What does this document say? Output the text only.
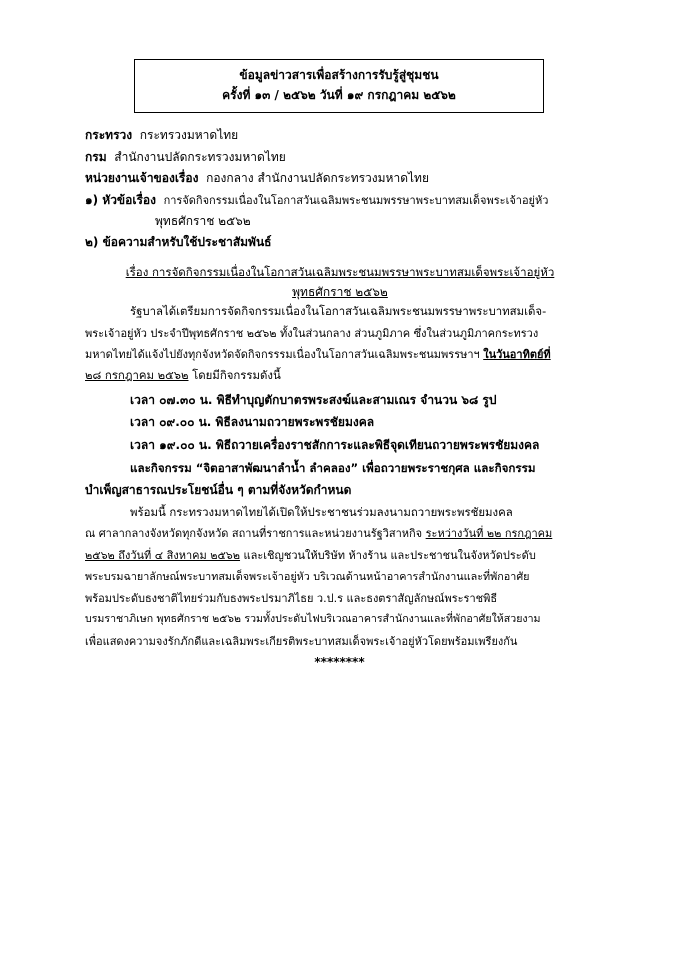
ข้อมูลข่าวสารเพื่อสร้างการรับรู้สู่ชุมชน
ครั้งที่ ๑๓ / ๒๕๖๒ วันที่ ๑๙ กรกฎาคม ๒๕๖๒
กระทรวง กระทรวงมหาดไทย
กรม สำนักงานปลัดกระทรวงมหาดไทย
หน่วยงานเจ้าของเรื่อง กองกลาง สำนักงานปลัดกระทรวงมหาดไทย
๑) หัวข้อเรื่อง การจัดกิจกรรมเนื่องในโอกาสวันเฉลิมพระชนมพรรษาพระบาทสมเด็จพระเจ้าอยู่หัว
พุทธศักราช ๒๕๖๒
๒) ข้อความสำหรับใช้ประชาสัมพันธ์
เรื่อง การจัดกิจกรรมเนื่องในโอกาสวันเฉลิมพระชนมพรรษาพระบาทสมเด็จพระเจ้าอยู่หัว
พุทธศักราช ๒๕๖๒
รัฐบาลได้เตรียมการจัดกิจกรรมเนื่องในโอกาสวันเฉลิมพระชนมพรรษาพระบาทสมเด็จ-
พระเจ้าอยู่หัว ประจำปีพุทธศักราช ๒๕๖๒ ทั้งในส่วนกลาง ส่วนภูมิภาค ซึ่งในส่วนภูมิภาคกระทรวง
มหาดไทยได้แจ้งไปยังทุกจังหวัดจัดกิจกรรรมเนื่องในโอกาสวันเฉลิมพระชนมพรรษาฯ ในวันอาทิตย์ที่
๒๘ กรกฎาคม ๒๕๖๒ โดยมีกิจกรรมดังนี้
เวลา ๐๗.๓๐ น. พิธีทำบุญตักบาตรพระสงฆ์และสามเณร จำนวน ๖๘ รูป
เวลา ๐๙.๐๐ น. พิธีลงนามถวายพระพรชัยมงคล
เวลา ๑๙.๐๐ น. พิธีถวายเครื่องราชสักการะและพิธีจุดเทียนถวายพระพรชัยมงคล
และกิจกรรม “จิตอาสาพัฒนาลำน้ำ ลำคลอง” เพื่อถวายพระราชกุศล และกิจกรรม
บำเพ็ญสาธารณประโยชน์อื่น ๆ ตามที่จังหวัดกำหนด
พร้อมนี้ กระทรวงมหาดไทยได้เปิดให้ประชาชนร่วมลงนามถวายพระพรชัยมงคล
ณ ศาลากลางจังหวัดทุกจังหวัด สถานที่ราชการและหน่วยงานรัฐวิสาหกิจ ระหว่างวันที่ ๒๒ กรกฎาคม
๒๕๖๒ ถึงวันที่ ๔ สิงหาคม ๒๕๖๒ และเชิญชวนให้บริษัท ห้างร้าน และประชาชนในจังหวัดประดับ
พระบรมฉายาลักษณ์พระบาทสมเด็จพระเจ้าอยู่หัว บริเวณด้านหน้าอาคารสำนักงานและที่พักอาศัย
พร้อมประดับธงชาติไทยร่วมกับธงพระปรมาภิไธย ว.ป.ร และธงตราสัญลักษณ์พระราชพิธี
บรมราชาภิเษก พุทธศักราช ๒๕๖๒ รวมทั้งประดับไฟบริเวณอาคารสำนักงานและที่พักอาศัยให้สวยงาม
เพื่อแสดงความจงรักภักดีและเฉลิมพระเกียรติพระบาทสมเด็จพระเจ้าอยู่หัวโดยพร้อมเพรียงกัน
********
